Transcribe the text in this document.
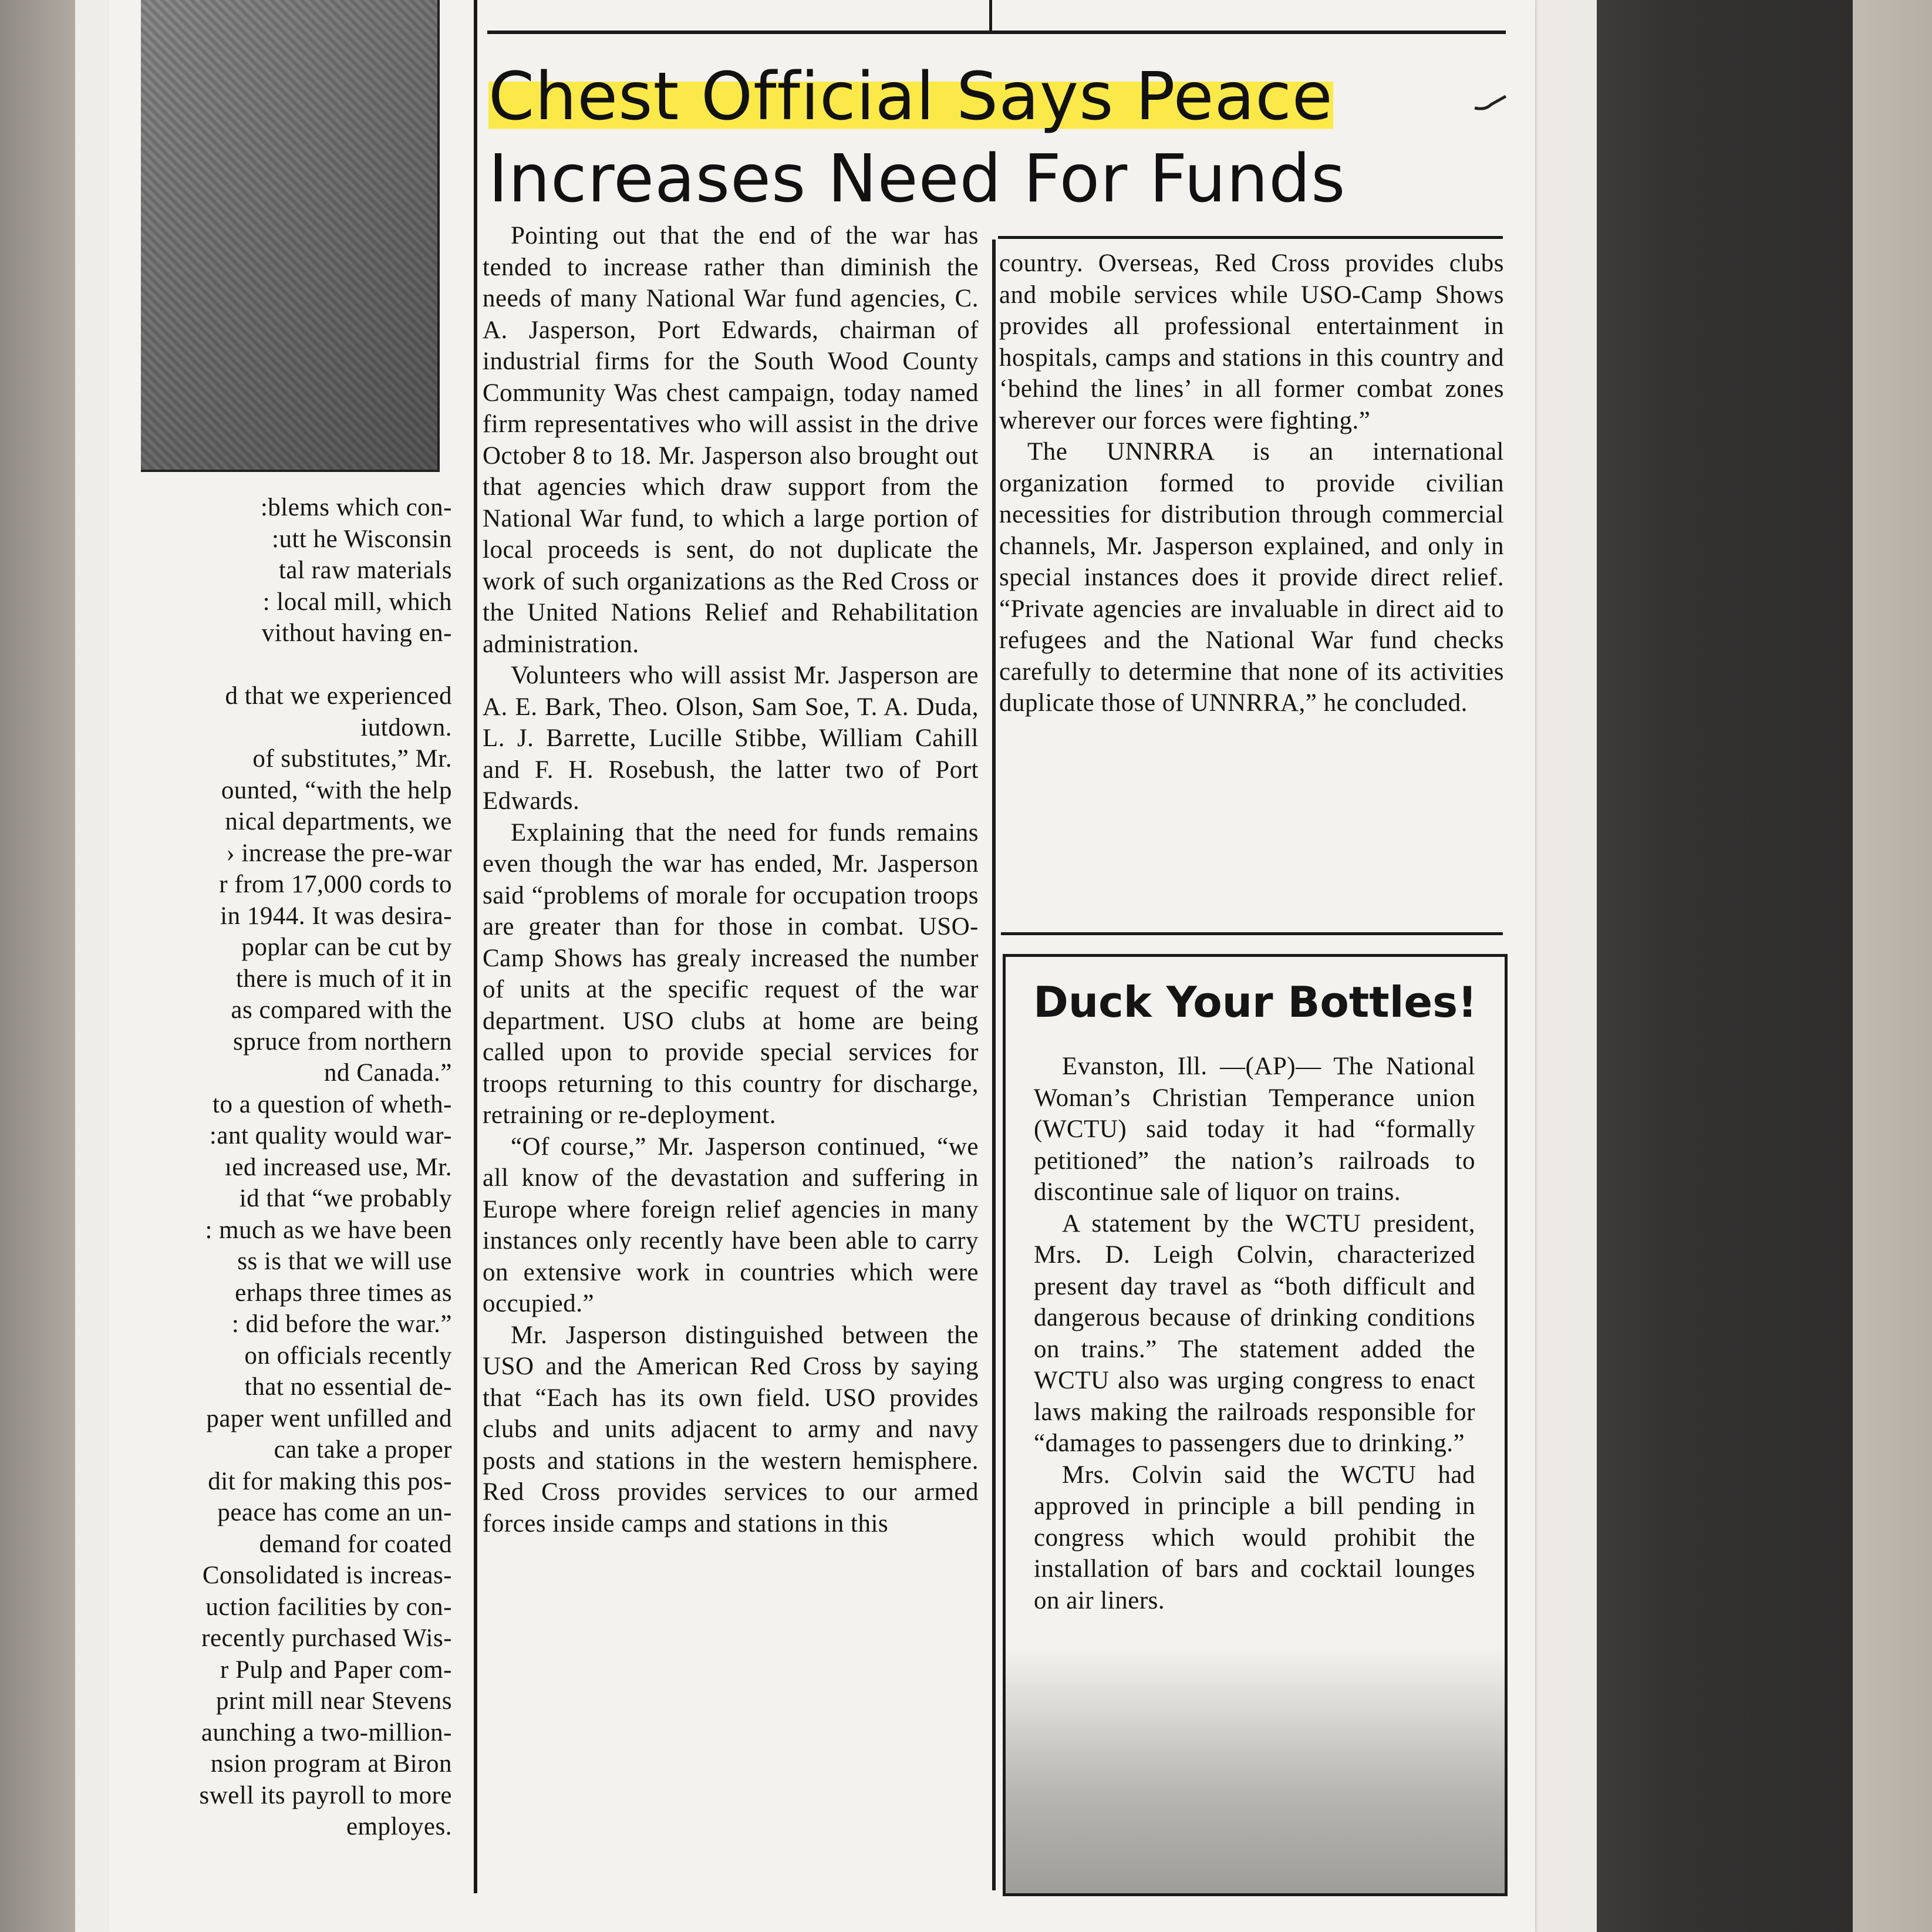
:blems which con-

:utt he Wisconsin

tal raw materials

: local mill, which

vithout having en-

d that we experienced

iutdown.

of substitutes,” Mr.

ounted, “with the help

nical departments, we

› increase the pre-war

r from 17,000 cords to

in 1944. It was desira-

poplar can be cut by

there is much of it in

as compared with the

spruce from northern

nd Canada.”

to a question of wheth-

:ant quality would war-

ıed increased use, Mr.

id that “we probably

: much as we have been

ss is that we will use

erhaps three times as

: did before the war.”

on officials recently

that no essential de-

paper went unfilled and

can take a proper

dit for making this pos-

peace has come an un-

demand for coated

Consolidated is increas-

uction facilities by con-

recently purchased Wis-

r Pulp and Paper com-

print mill near Stevens

aunching a two-million-

nsion program at Biron

swell its payroll to more

employes.

Chest Official Says Peace
Increases Need For Funds

Pointing out that the end of the war has tended to increase rather than diminish the needs of many National War fund agencies, C. A. Jasperson, Port Edwards, chairman of industrial firms for the South Wood County Community Was chest campaign, today named firm representatives who will assist in the drive October 8 to 18. Mr. Jasperson also brought out that agencies which draw support from the National War fund, to which a large portion of local proceeds is sent, do not duplicate the work of such organizations as the Red Cross or the United Nations Relief and Rehabilitation administration.

Volunteers who will assist Mr. Jasperson are A. E. Bark, Theo. Olson, Sam Soe, T. A. Duda, L. J. Barrette, Lucille Stibbe, William Cahill and F. H. Rosebush, the latter two of Port Edwards.

Explaining that the need for funds remains even though the war has ended, Mr. Jasperson said “problems of morale for occupation troops are greater than for those in combat. USO-Camp Shows has grealy increased the number of units at the specific request of the war department. USO clubs at home are being called upon to provide special services for troops returning to this country for discharge, retraining or re-deployment.

“Of course,” Mr. Jasperson continued, “we all know of the devastation and suffering in Europe where foreign relief agencies in many instances only recently have been able to carry on extensive work in countries which were occupied.”

Mr. Jasperson distinguished between the USO and the American Red Cross by saying that “Each has its own field. USO provides clubs and units adjacent to army and navy posts and stations in the western hemisphere. Red Cross provides services to our armed forces inside camps and stations in this

country. Overseas, Red Cross provides clubs and mobile services while USO-Camp Shows provides all professional entertainment in hospitals, camps and stations in this country and ‘behind the lines’ in all former combat zones wherever our forces were fighting.”

The UNNRRA is an international organization formed to provide civilian necessities for distribution through commercial channels, Mr. Jasperson explained, and only in special instances does it provide direct relief. “Private agencies are invaluable in direct aid to refugees and the National War fund checks carefully to determine that none of its activities duplicate those of UNNRRA,” he concluded.

Duck Your Bottles!

Evanston, Ill. —(AP)— The National Woman’s Christian Temperance union (WCTU) said today it had “formally petitioned” the nation’s railroads to discontinue sale of liquor on trains.

A statement by the WCTU president, Mrs. D. Leigh Colvin, characterized present day travel as “both difficult and dangerous because of drinking conditions on trains.” The statement added the WCTU also was urging congress to enact laws making the railroads responsible for “damages to passengers due to drinking.”

Mrs. Colvin said the WCTU had approved in principle a bill pending in congress which would prohibit the installation of bars and cocktail lounges on air liners.
